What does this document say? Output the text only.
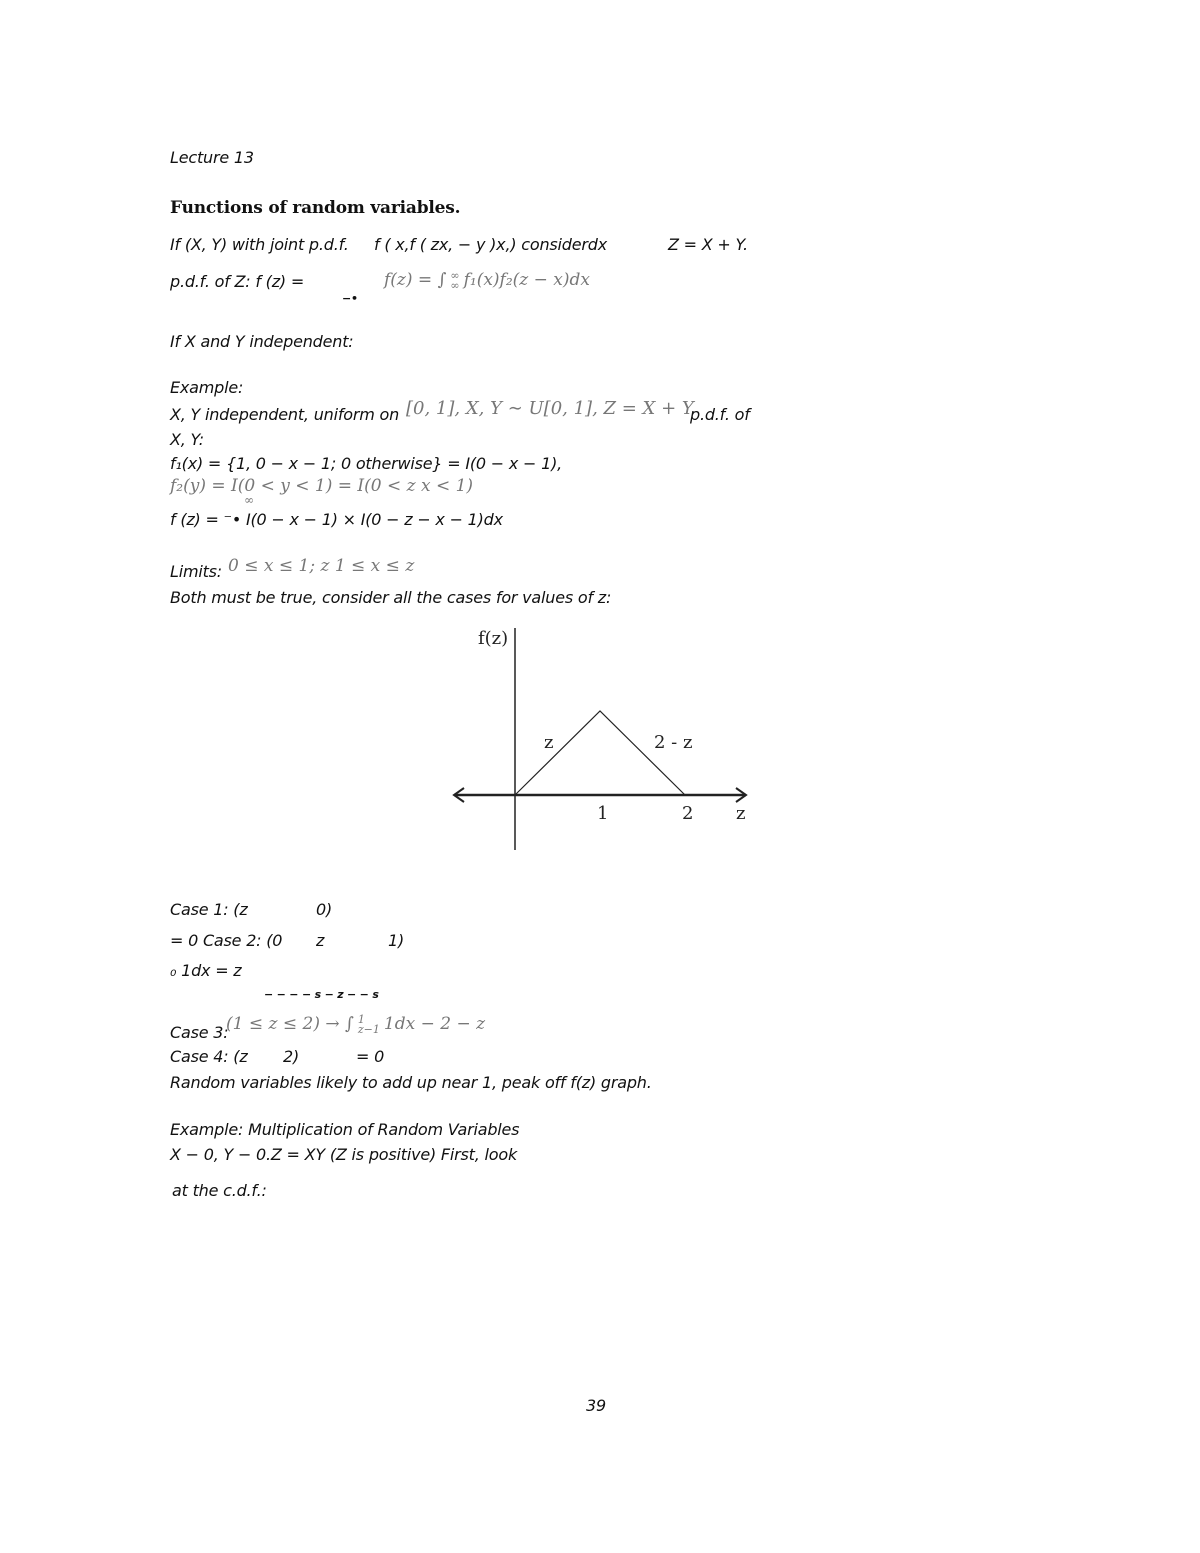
Lecture 13
Functions of random variables.
If (X, Y) with joint p.d.f. f ( x,f ( zx, − y )x,) considerdx	Z = X + Y.
p.d.f. of Z: f (z) =	f(z) = ∫ ∞
∞ f₁(x)f₂(z − x)dx
−•
If X and Y independent:
Example:
X, Y independent, uniform on [0, 1], X, Y ∼ U[0, 1], Z = X + Y
p.d.f. of
X, Y:
f₁(x) = {1, 0 − x − 1; 0 otherwise} = I(0 − x − 1),
f₂(y) = I(0 < y < 1) = I(0 < z x < 1)
∞
f (z) = ⁻• I(0 − x − 1) × I(0 − z − x − 1)dx
Limits: 0 ≤ x ≤ 1; z 1 ≤ x ≤ z
Both must be true, consider all the cases for values of z:
f(z)
z	2 - z
1	2 z
Case 1: (z	0)
= 0 Case 2: (0 z	1)
₀ 1dx = z
− − − − s − z − − s
Case 3:
(1 ≤ z ≤ 2) → ∫ 1
z−1 1dx − 2 − z
Case 4: (z 2)	= 0
Random variables likely to add up near 1, peak off f(z) graph.
Example: Multiplication of Random Variables
X − 0, Y − 0.Z = XY (Z is positive) First, look
at the c.d.f.:
39
